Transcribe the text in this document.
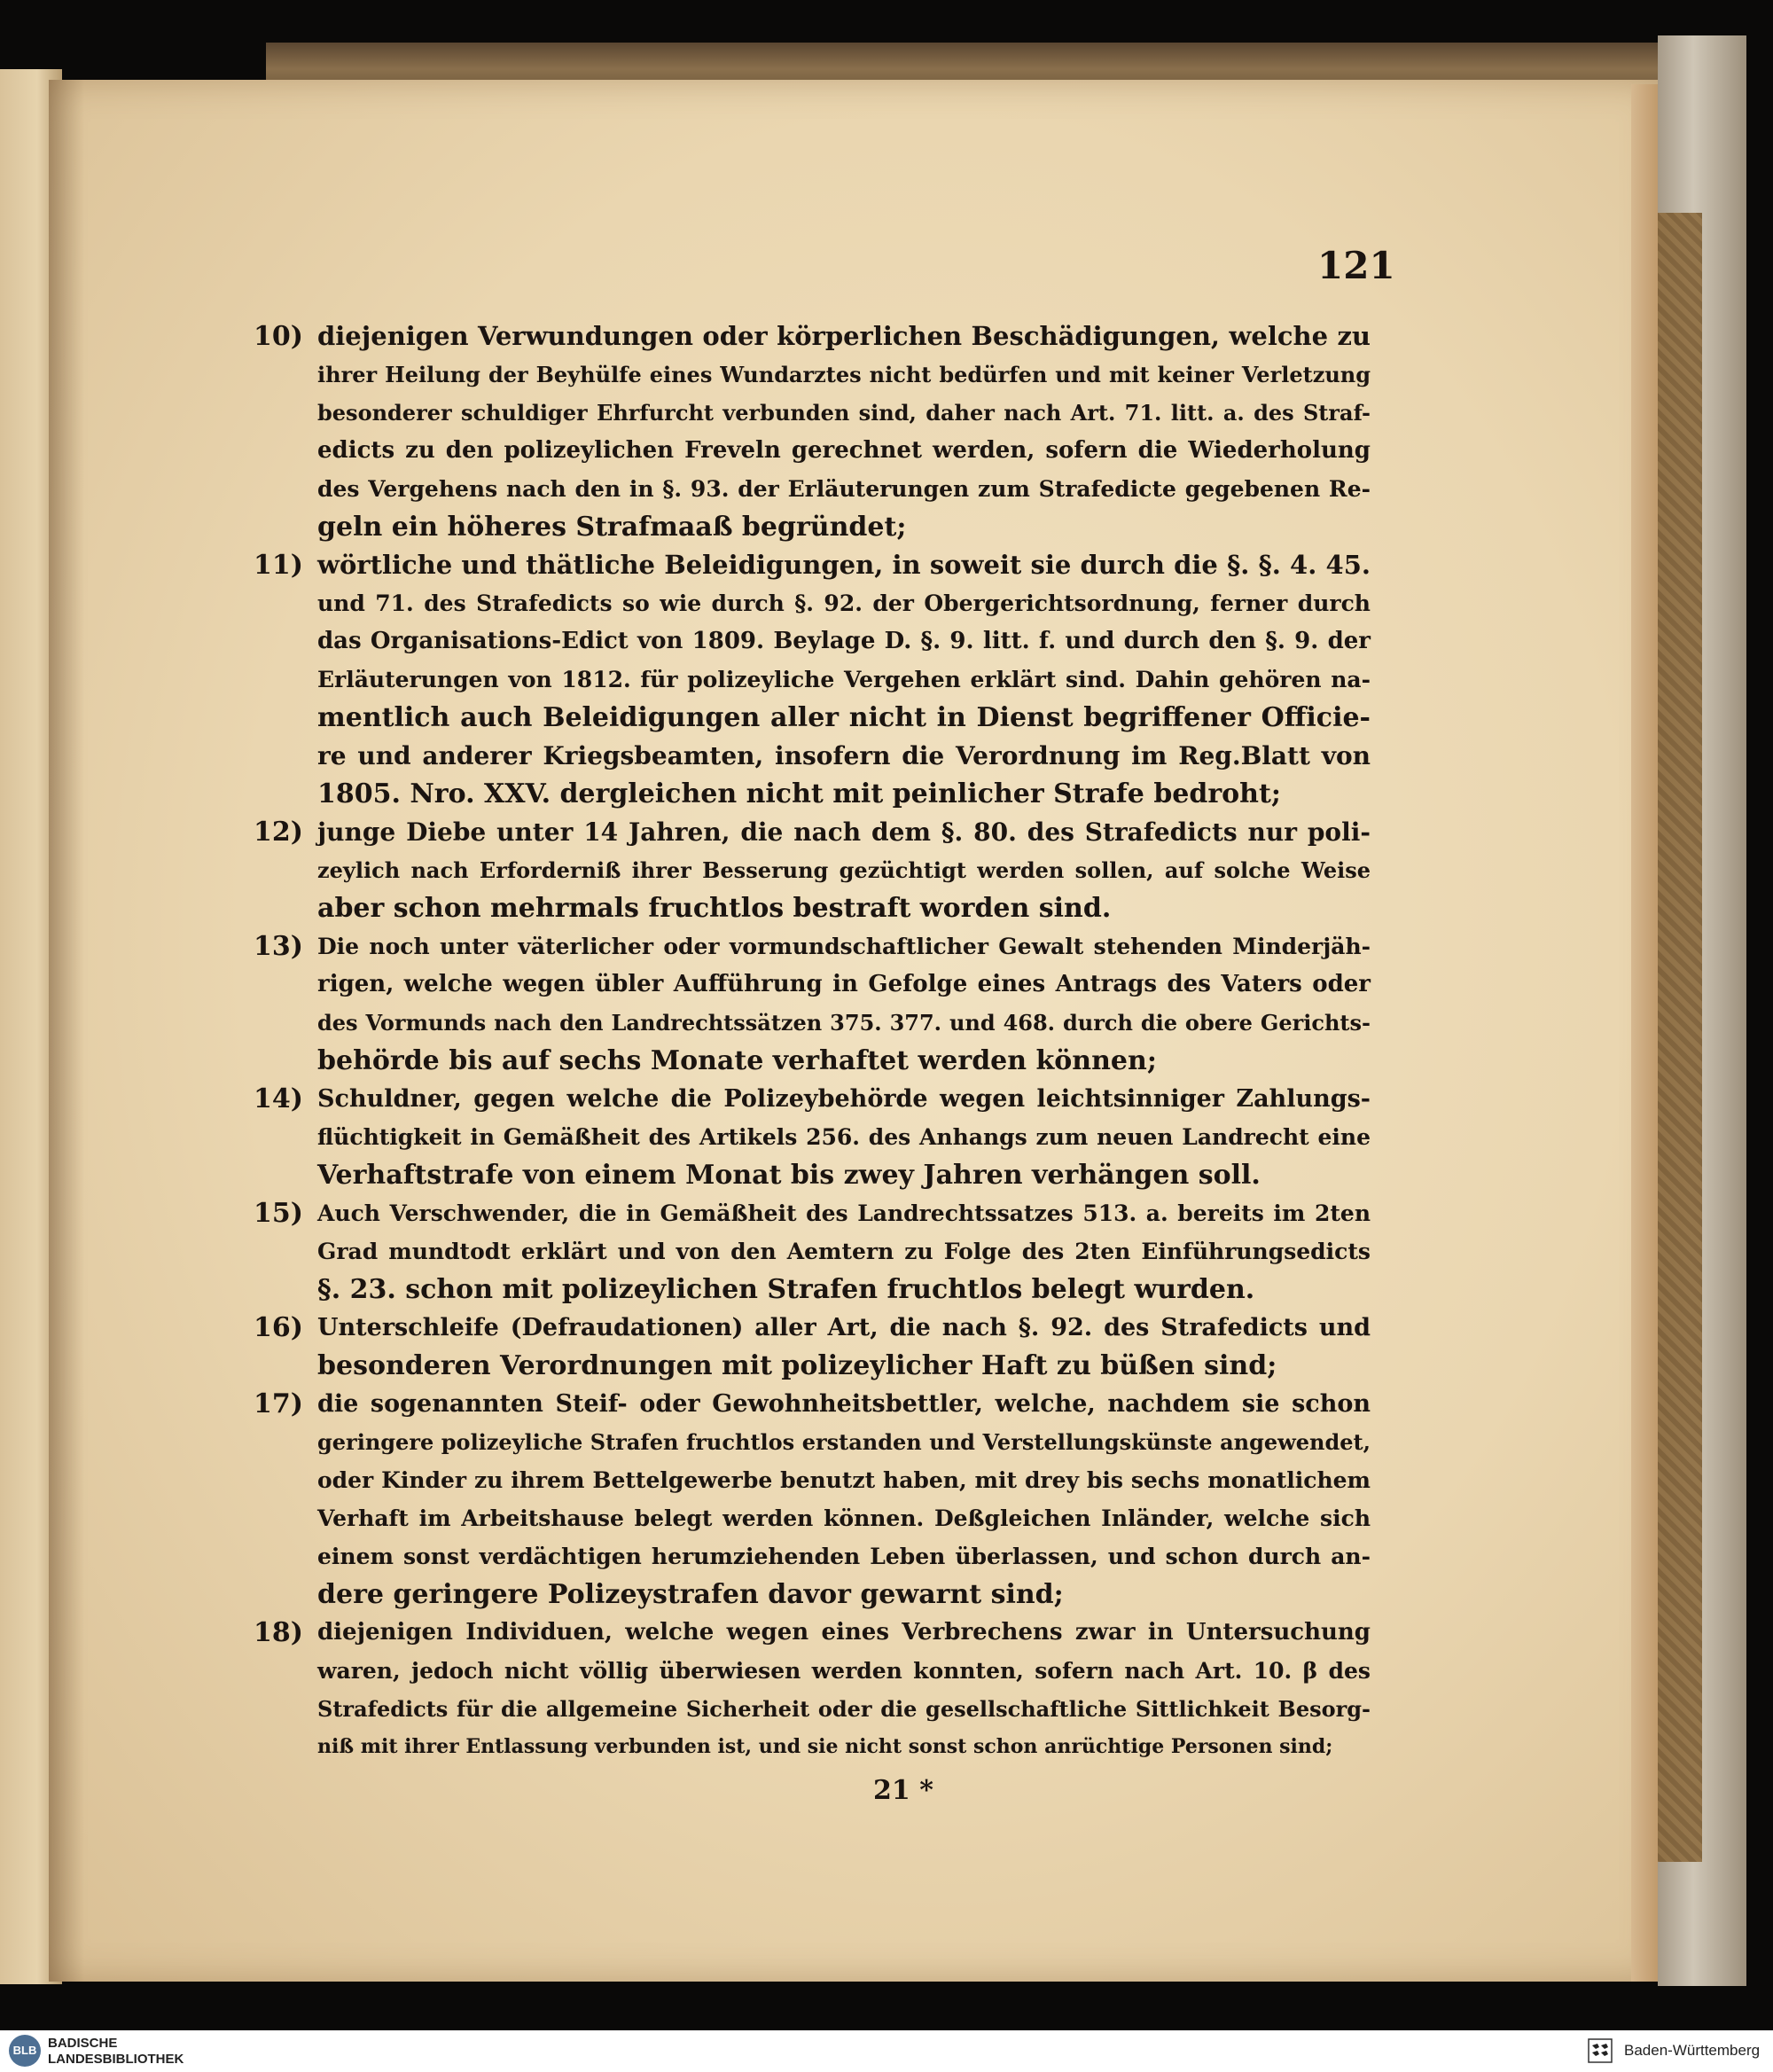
121
10) diejenigen Verwundungen oder körperlichen Beschädigungen, welche zu
ihrer Heilung der Beyhülfe eines Wundarztes nicht bedürfen und mit keiner Verletzung
besonderer schuldiger Ehrfurcht verbunden sind, daher nach Art. 71. litt. a. des Straf-
edicts zu den polizeylichen Freveln gerechnet werden, sofern die Wiederholung
des Vergehens nach den in §. 93. der Erläuterungen zum Strafedicte gegebenen Re-
geln ein höheres Strafmaaß begründet;
11) wörtliche und thätliche Beleidigungen, in soweit sie durch die §. §. 4. 45.
und 71. des Strafedicts so wie durch §. 92. der Obergerichtsordnung, ferner durch
das Organisations-Edict von 1809. Beylage D. §. 9. litt. f. und durch den §. 9. der
Erläuterungen von 1812. für polizeyliche Vergehen erklärt sind. Dahin gehören na-
mentlich auch Beleidigungen aller nicht in Dienst begriffener Officie-
re und anderer Kriegsbeamten, insofern die Verordnung im Reg.Blatt von
1805. Nro. XXV. dergleichen nicht mit peinlicher Strafe bedroht;
12) junge Diebe unter 14 Jahren, die nach dem §. 80. des Strafedicts nur poli-
zeylich nach Erforderniß ihrer Besserung gezüchtigt werden sollen, auf solche Weise
aber schon mehrmals fruchtlos bestraft worden sind.
13) Die noch unter väterlicher oder vormundschaftlicher Gewalt stehenden Minderjäh-
rigen, welche wegen übler Aufführung in Gefolge eines Antrags des Vaters oder
des Vormunds nach den Landrechtssätzen 375. 377. und 468. durch die obere Gerichts-
behörde bis auf sechs Monate verhaftet werden können;
14) Schuldner, gegen welche die Polizeybehörde wegen leichtsinniger Zahlungs-
flüchtigkeit in Gemäßheit des Artikels 256. des Anhangs zum neuen Landrecht eine
Verhaftstrafe von einem Monat bis zwey Jahren verhängen soll.
15) Auch Verschwender, die in Gemäßheit des Landrechtssatzes 513. a. bereits im 2ten
Grad mundtodt erklärt und von den Aemtern zu Folge des 2ten Einführungsedicts
§. 23. schon mit polizeylichen Strafen fruchtlos belegt wurden.
16) Unterschleife (Defraudationen) aller Art, die nach §. 92. des Strafedicts und
besonderen Verordnungen mit polizeylicher Haft zu büßen sind;
17) die sogenannten Steif- oder Gewohnheitsbettler, welche, nachdem sie schon
geringere polizeyliche Strafen fruchtlos erstanden und Verstellungskünste angewendet,
oder Kinder zu ihrem Bettelgewerbe benutzt haben, mit drey bis sechs monatlichem
Verhaft im Arbeitshause belegt werden können. Deßgleichen Inländer, welche sich
einem sonst verdächtigen herumziehenden Leben überlassen, und schon durch an-
dere geringere Polizeystrafen davor gewarnt sind;
18) diejenigen Individuen, welche wegen eines Verbrechens zwar in Untersuchung
waren, jedoch nicht völlig überwiesen werden konnten, sofern nach Art. 10. β des
Strafedicts für die allgemeine Sicherheit oder die gesellschaftliche Sittlichkeit Besorg-
niß mit ihrer Entlassung verbunden ist, und sie nicht sonst schon anrüchtige Personen sind;
21 *
BLB BADISCHE
LANDESBIBLIOTHEK
Baden-Württemberg
